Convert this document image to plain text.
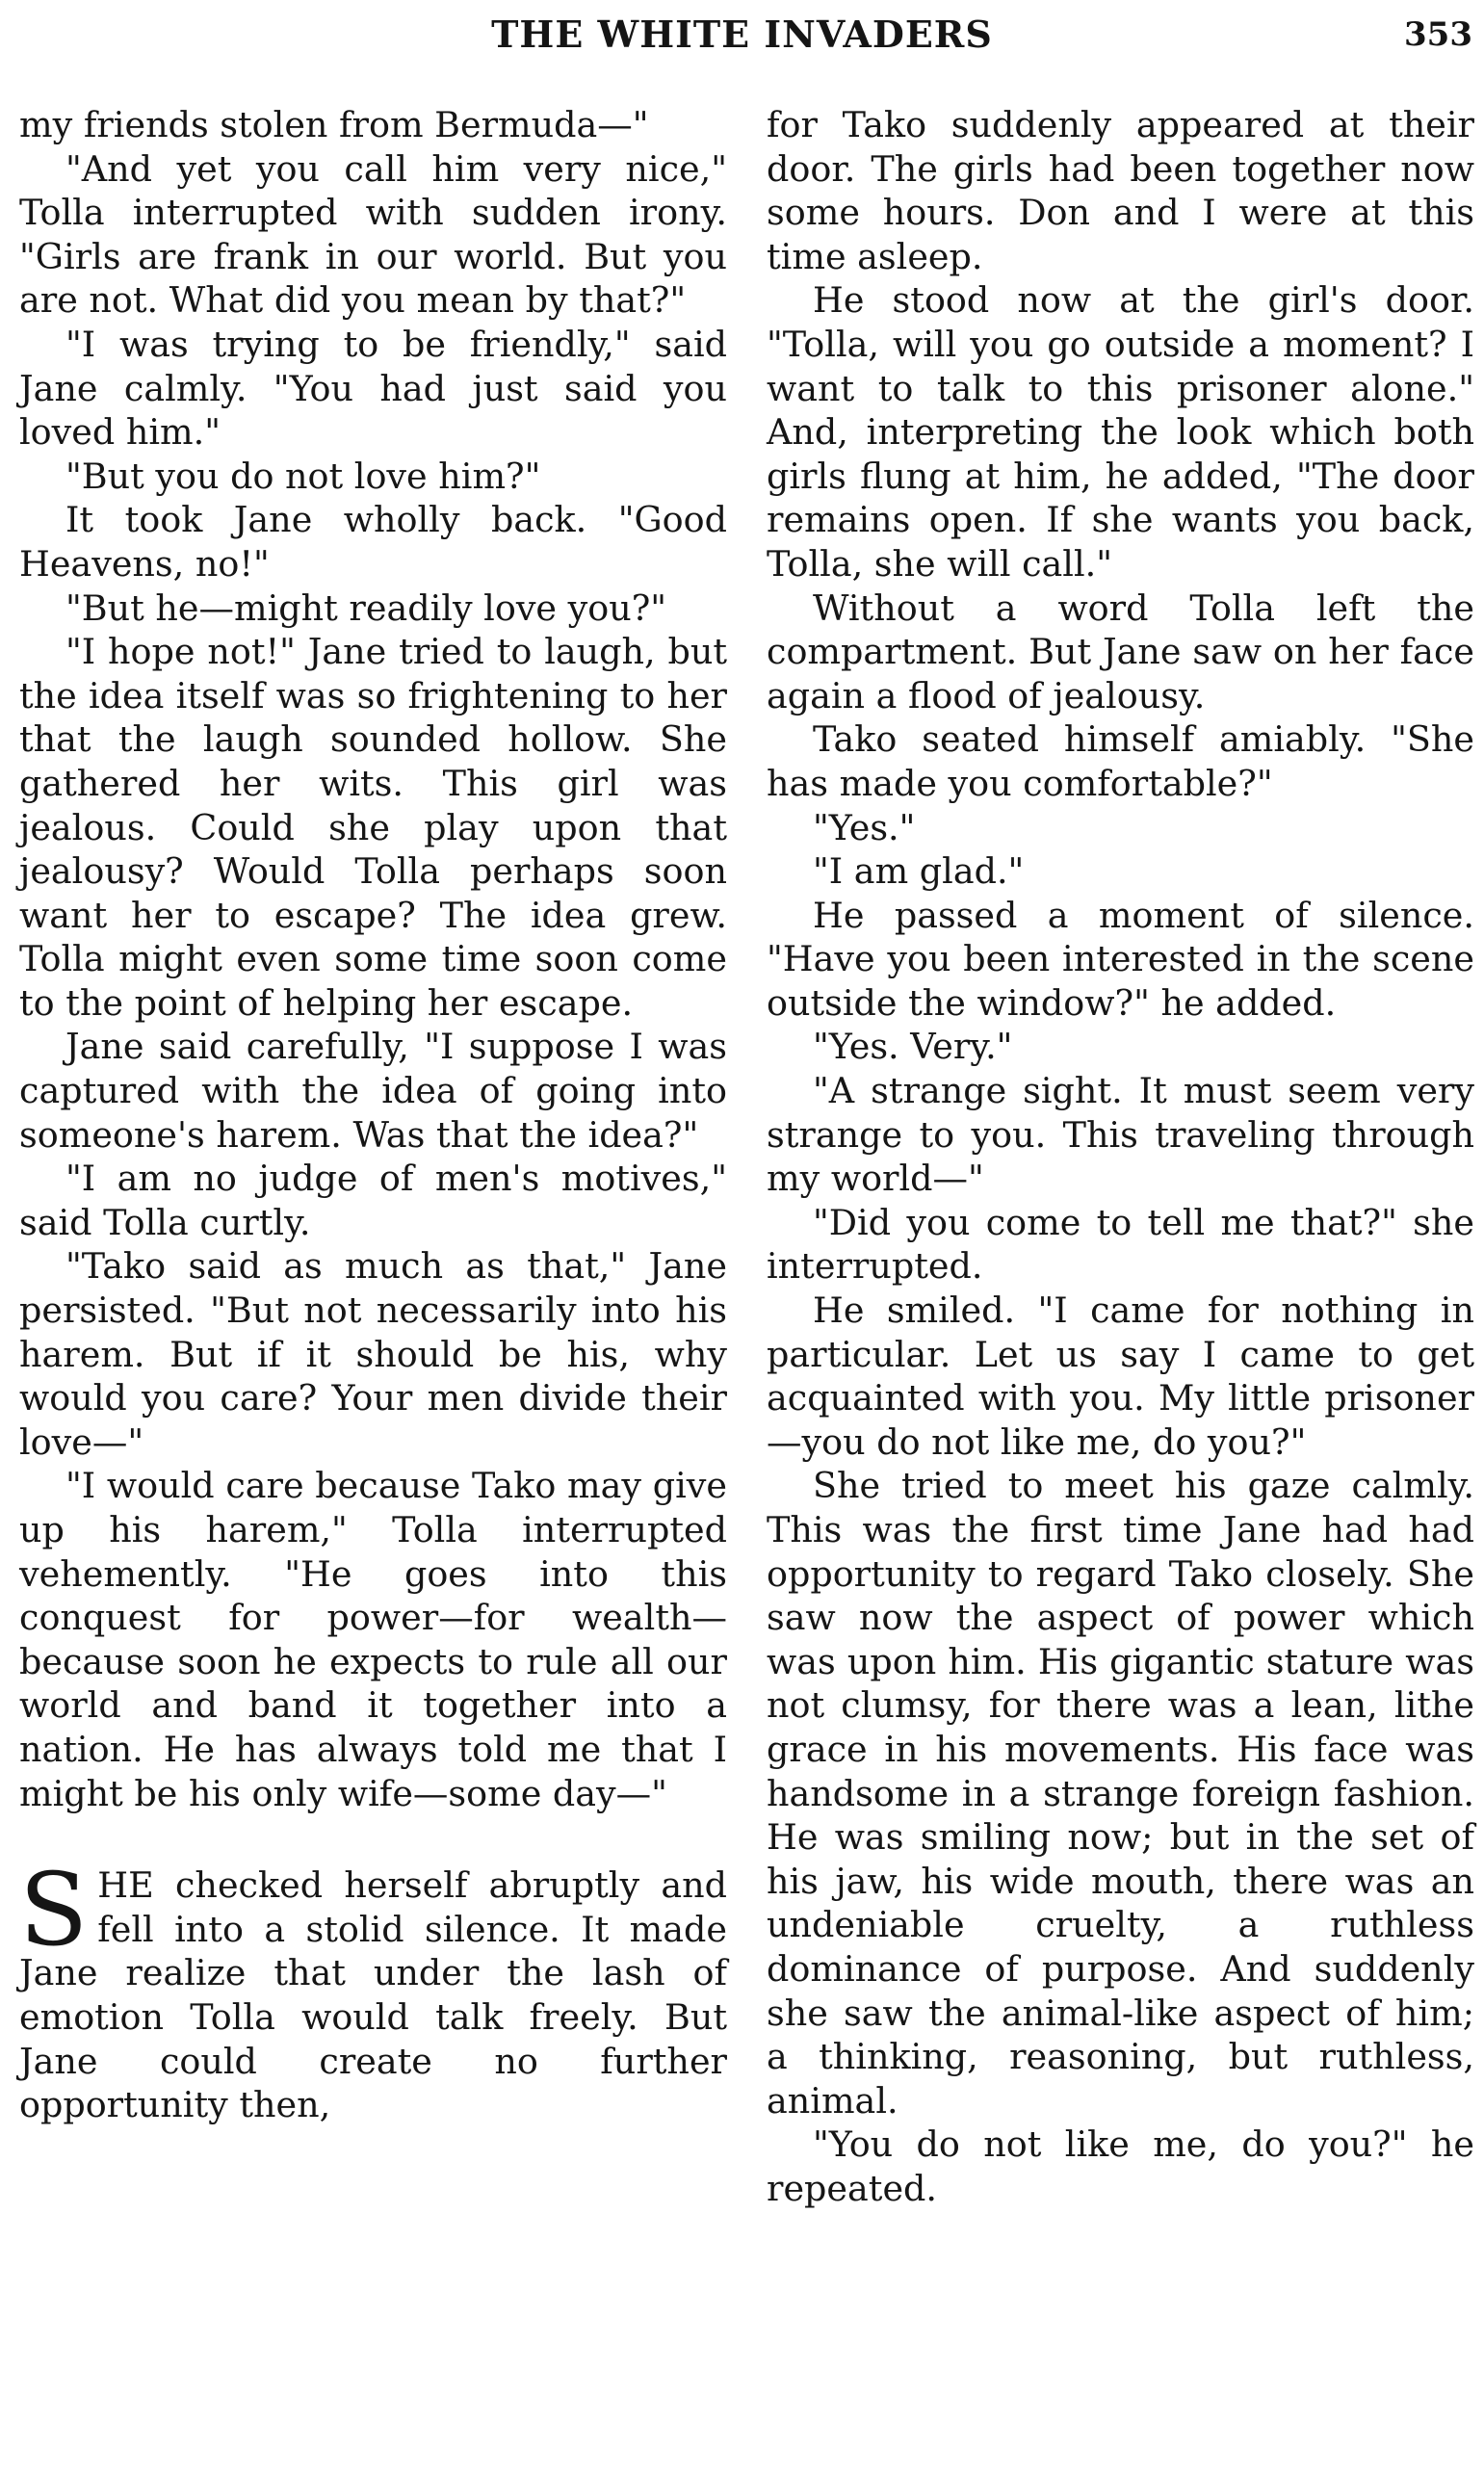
THE WHITE INVADERS	353

my friends stolen from Bermuda—"

"And yet you call him very nice," Tolla interrupted with sudden irony. "Girls are frank in our world. But you are not. What did you mean by that?"

"I was trying to be friendly," said Jane calmly. "You had just said you loved him."

"But you do not love him?"

It took Jane wholly back. "Good Heavens, no!"

"But he—might readily love you?"

"I hope not!" Jane tried to laugh, but the idea itself was so frightening to her that the laugh sounded hollow. She gathered her wits. This girl was jealous. Could she play upon that jealousy? Would Tolla perhaps soon want her to escape? The idea grew. Tolla might even some time soon come to the point of helping her escape.

Jane said carefully, "I suppose I was captured with the idea of going into someone's harem. Was that the idea?"

"I am no judge of men's motives," said Tolla curtly.

"Tako said as much as that," Jane persisted. "But not necessarily into his harem. But if it should be his, why would you care? Your men divide their love—"

"I would care because Tako may give up his harem," Tolla interrupted vehemently. "He goes into this conquest for power—for wealth—because soon he expects to rule all our world and band it together into a nation. He has always told me that I might be his only wife—some day—"

SHE checked herself abruptly and fell into a stolid silence. It made Jane realize that under the lash of emotion Tolla would talk freely. But Jane could create no further opportunity then,

for Tako suddenly appeared at their door. The girls had been together now some hours. Don and I were at this time asleep.

He stood now at the girl's door. "Tolla, will you go outside a moment? I want to talk to this prisoner alone." And, interpreting the look which both girls flung at him, he added, "The door remains open. If she wants you back, Tolla, she will call."

Without a word Tolla left the compartment. But Jane saw on her face again a flood of jealousy.

Tako seated himself amiably. "She has made you comfortable?"

"Yes."

"I am glad."

He passed a moment of silence. "Have you been interested in the scene outside the window?" he added.

"Yes. Very."

"A strange sight. It must seem very strange to you. This traveling through my world—"

"Did you come to tell me that?" she interrupted.

He smiled. "I came for nothing in particular. Let us say I came to get acquainted with you. My little prisoner—you do not like me, do you?"

She tried to meet his gaze calmly. This was the first time Jane had had opportunity to regard Tako closely. She saw now the aspect of power which was upon him. His gigantic stature was not clumsy, for there was a lean, lithe grace in his movements. His face was handsome in a strange foreign fashion. He was smiling now; but in the set of his jaw, his wide mouth, there was an undeniable cruelty, a ruthless dominance of purpose. And suddenly she saw the animal-like aspect of him; a thinking, reasoning, but ruthless, animal.

"You do not like me, do you?" he repeated.
